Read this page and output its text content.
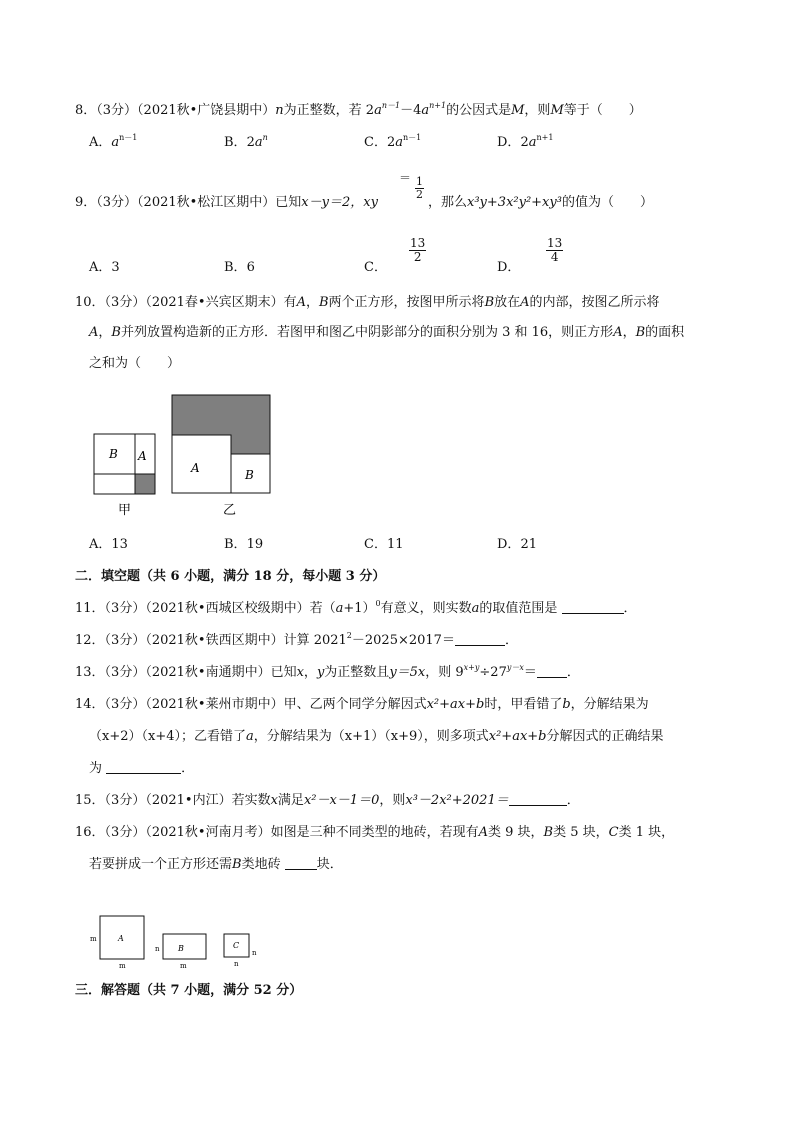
8．（3分）（2021秋•广饶县期中）n为正整数，若 $2a^{n-1}-4a^{n+1}$的公因式是M，则M等于（　　）
A．$a^{n-1}$	B．$2a^n$	C．$2a^{n-1}$	D．$2a^{n+1}$
9．（3分）（2021秋•松江区期中）已知x－y＝2，xy
＝ $\frac{1}{2}$
，那么x³y+3x²y²+xy³的值为（　　）
A．3	B．6	C．
$\frac{13}{2}$
D．
$\frac{13}{4}$
10．（3分）（2021春•兴宾区期末）有A，B两个正方形，按图甲所示将B放在A的内部，按图乙所示将
A，B并列放置构造新的正方形．若图甲和图乙中阴影部分的面积分别为 3 和 16，则正方形A，B的面积
之和为（　　）
B A
甲
A	B
乙
A．13	B．19	C．11	D．21
二．填空题（共 6 小题，满分 18 分，每小题 3 分）
11．（3分）（2021秋•西城区校级期中）若$(a+1)^0$有意义，则实数a的取值范围是	．
12．（3分）（2021秋•铁西区期中）计算 $2021^2-2025\times 2017=$	．
13．（3分）（2021秋•南通期中）已知x，y为正整数且y＝5x，则 $9^{x+y}\div 27^{y-x}=$ ．
14．（3分）（2021秋•莱州市期中）甲、乙两个同学分解因式x²+ax+b时，甲看错了b，分解结果为
（x+2）（x+4）；乙看错了a，分解结果为（x+1）（x+9），则多项式x²+ax+b分解因式的正确结果
为	．
15．（3分）（2021•内江）若实数x满足x²－x－1＝0，则x³－2x²+2021＝	．
16．（3分）（2021秋•河南月考）如图是三种不同类型的地砖，若现有A类 9 块，B类 5 块，C类 1 块，
若要拼成一个正方形还需B类地砖	块．
A
m
m
B
n
m
C
n
n
三．解答题（共 7 小题，满分 52 分）
